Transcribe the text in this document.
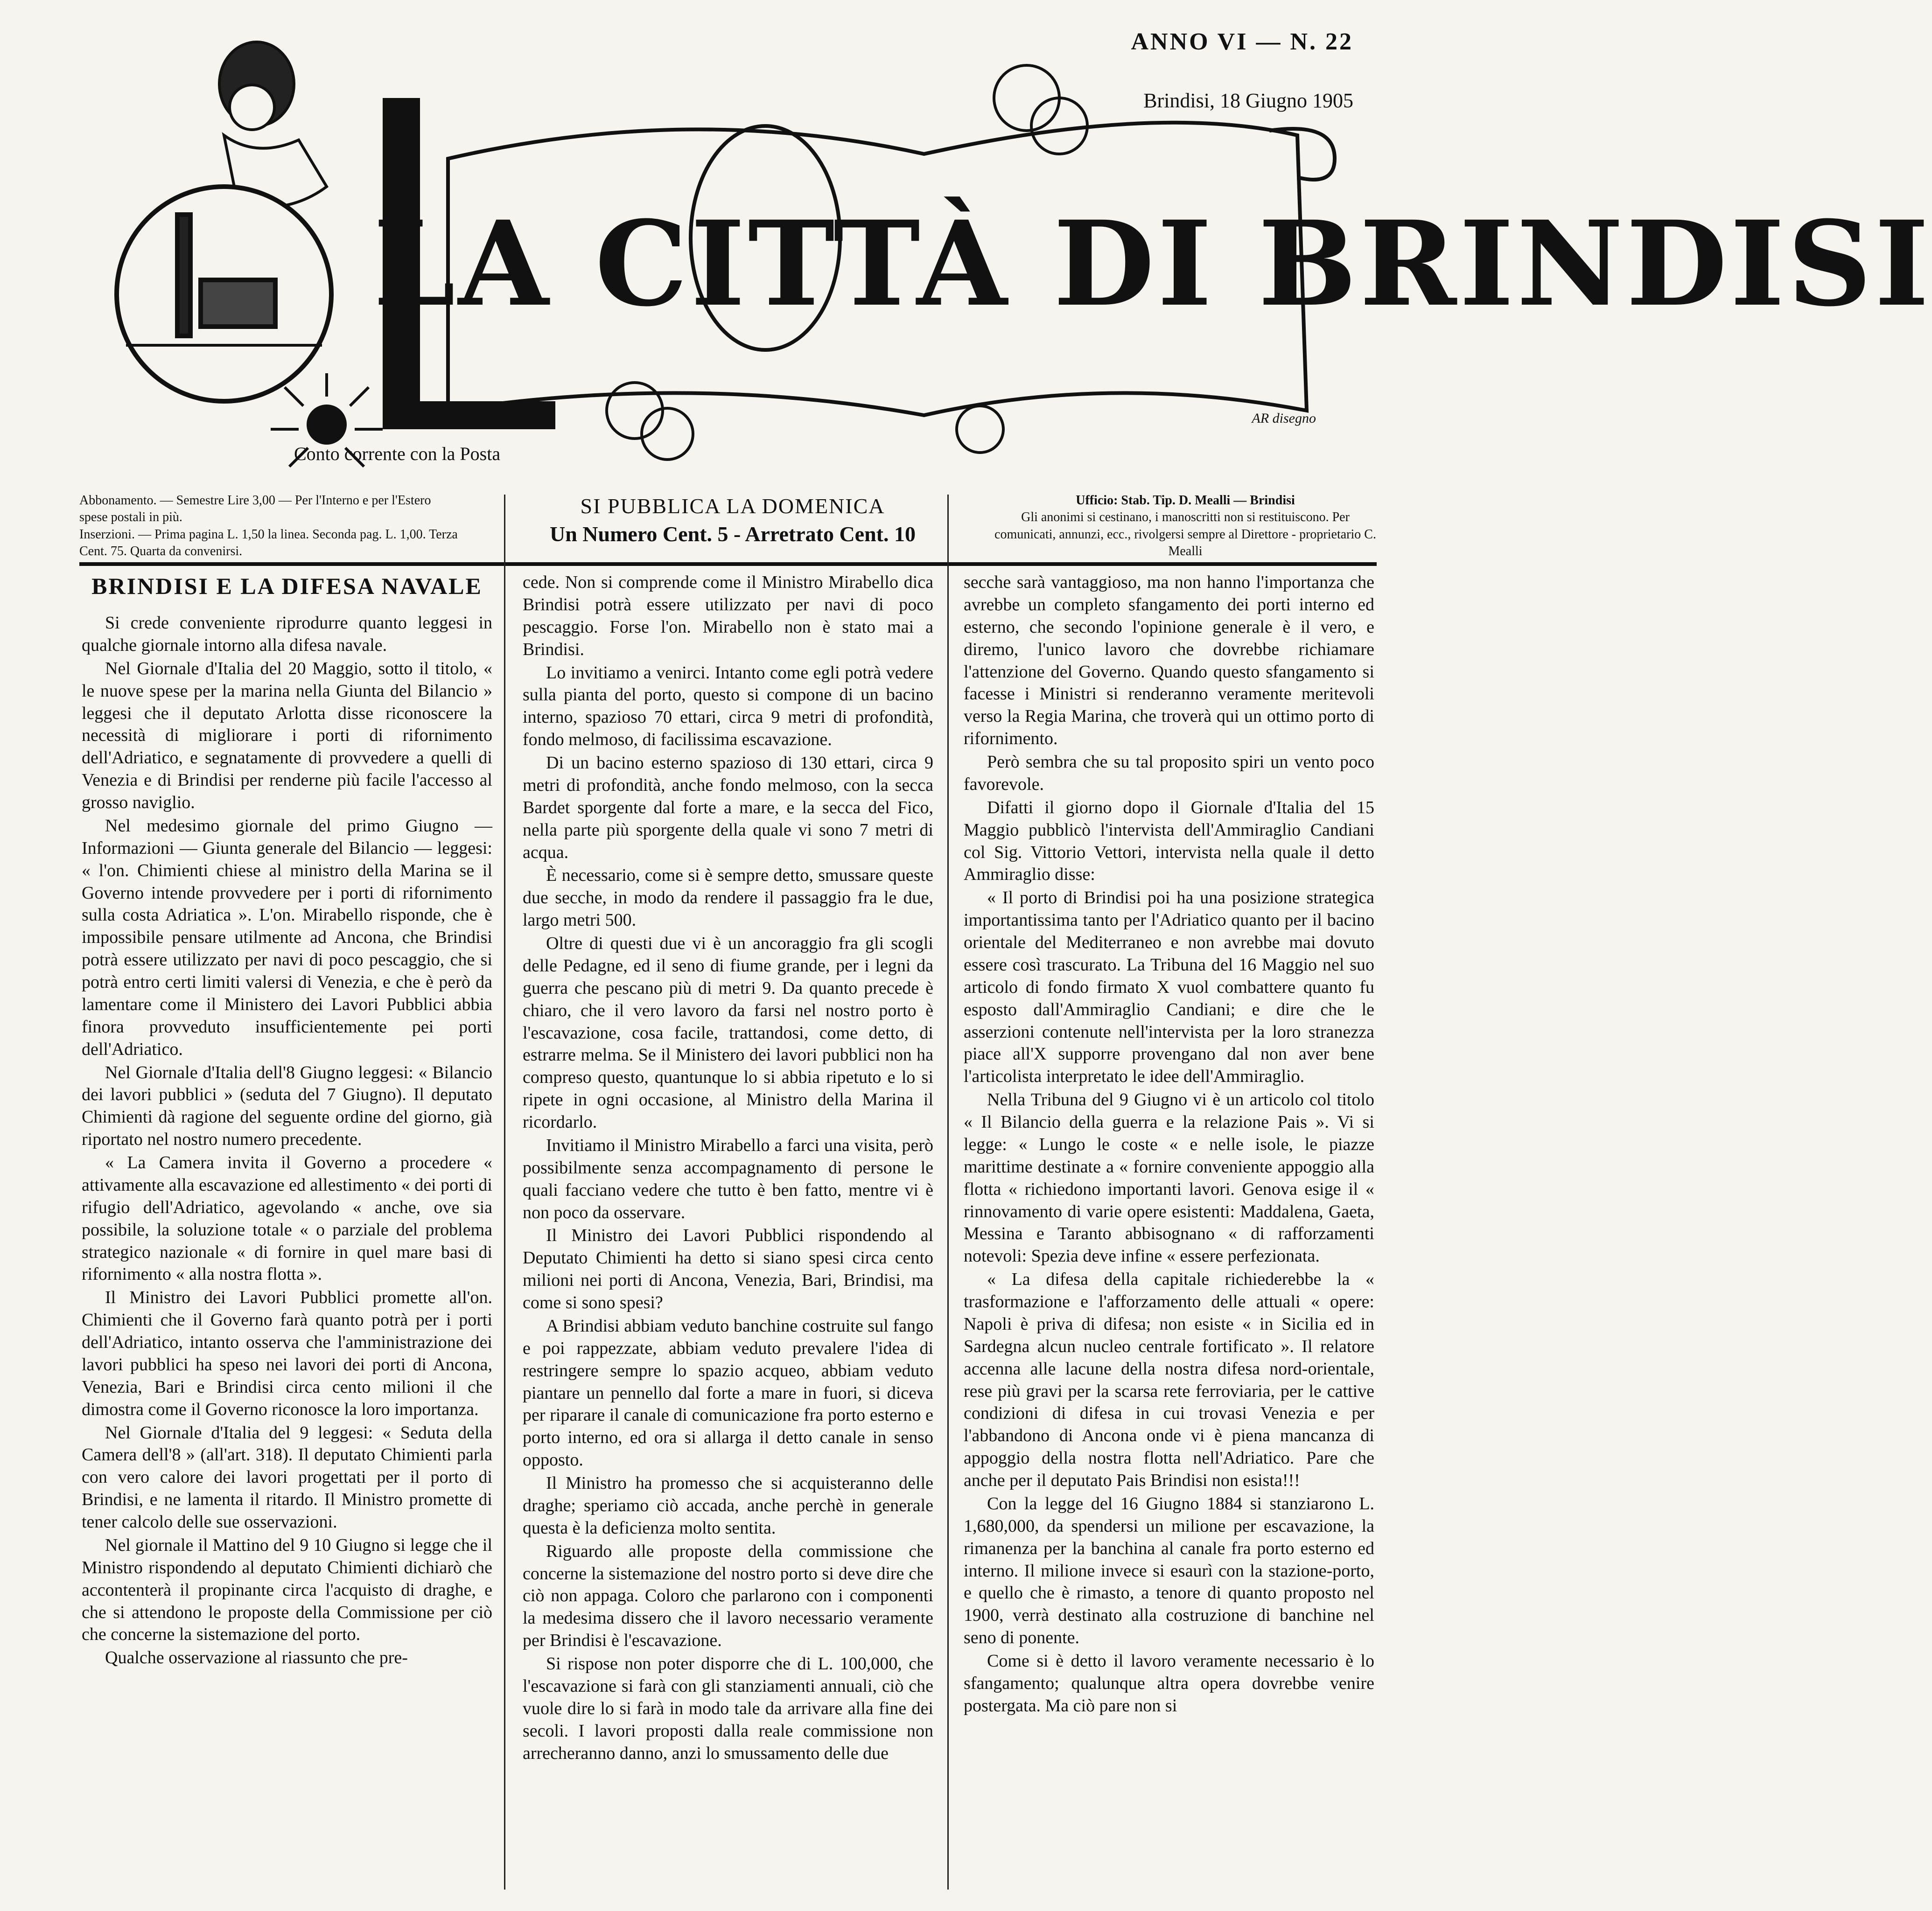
ANNO VI — N. 22
Brindisi, 18 Giugno 1905
LA CITTÀ DI BRINDISI
AR disegno
Conto corrente con la Posta
Abbonamento. — Semestre Lire 3,00 — Per l'Interno e per l'Estero spese postali in più.
Inserzioni. — Prima pagina L. 1,50 la linea. Seconda pag. L. 1,00. Terza Cent. 75. Quarta da convenirsi.
SI PUBBLICA LA DOMENICA
Un Numero Cent. 5 - Arretrato Cent. 10
Ufficio: Stab. Tip. D. Mealli — Brindisi
Gli anonimi si cestinano, i manoscritti non si restituiscono. Per comunicati, annunzi, ecc., rivolgersi sempre al Direttore - proprietario C. Mealli
BRINDISI E LA DIFESA NAVALE

Si crede conveniente riprodurre quanto leggesi in qualche giornale intorno alla difesa navale.

Nel Giornale d'Italia del 20 Maggio, sotto il titolo, « le nuove spese per la marina nella Giunta del Bilancio » leggesi che il deputato Arlotta disse riconoscere la necessità di migliorare i porti di rifornimento dell'Adriatico, e segnatamente di provvedere a quelli di Venezia e di Brindisi per renderne più facile l'accesso al grosso naviglio.

Nel medesimo giornale del primo Giugno — Informazioni — Giunta generale del Bilancio — leggesi: « l'on. Chimienti chiese al ministro della Marina se il Governo intende provvedere per i porti di rifornimento sulla costa Adriatica ». L'on. Mirabello risponde, che è impossibile pensare utilmente ad Ancona, che Brindisi potrà essere utilizzato per navi di poco pescaggio, che si potrà entro certi limiti valersi di Venezia, e che è però da lamentare come il Ministero dei Lavori Pubblici abbia finora provveduto insufficientemente pei porti dell'Adriatico.

Nel Giornale d'Italia dell'8 Giugno leggesi: « Bilancio dei lavori pubblici » (seduta del 7 Giugno). Il deputato Chimienti dà ragione del seguente ordine del giorno, già riportato nel nostro numero precedente.

« La Camera invita il Governo a procedere « attivamente alla escavazione ed allestimento « dei porti di rifugio dell'Adriatico, agevolando « anche, ove sia possibile, la soluzione totale « o parziale del problema strategico nazionale « di fornire in quel mare basi di rifornimento « alla nostra flotta ».

Il Ministro dei Lavori Pubblici promette all'on. Chimienti che il Governo farà quanto potrà per i porti dell'Adriatico, intanto osserva che l'amministrazione dei lavori pubblici ha speso nei lavori dei porti di Ancona, Venezia, Bari e Brindisi circa cento milioni il che dimostra come il Governo riconosce la loro importanza.

Nel Giornale d'Italia del 9 leggesi: « Seduta della Camera dell'8 » (all'art. 318). Il deputato Chimienti parla con vero calore dei lavori progettati per il porto di Brindisi, e ne lamenta il ritardo. Il Ministro promette di tener calcolo delle sue osservazioni.

Nel giornale il Mattino del 9 10 Giugno si legge che il Ministro rispondendo al deputato Chimienti dichiarò che accontenterà il propinante circa l'acquisto di draghe, e che si attendono le proposte della Commissione per ciò che concerne la sistemazione del porto.

Qualche osservazione al riassunto che pre-

cede. Non si comprende come il Ministro Mirabello dica Brindisi potrà essere utilizzato per navi di poco pescaggio. Forse l'on. Mirabello non è stato mai a Brindisi.

Lo invitiamo a venirci. Intanto come egli potrà vedere sulla pianta del porto, questo si compone di un bacino interno, spazioso 70 ettari, circa 9 metri di profondità, fondo melmoso, di facilissima escavazione.

Di un bacino esterno spazioso di 130 ettari, circa 9 metri di profondità, anche fondo melmoso, con la secca Bardet sporgente dal forte a mare, e la secca del Fico, nella parte più sporgente della quale vi sono 7 metri di acqua.

È necessario, come si è sempre detto, smussare queste due secche, in modo da rendere il passaggio fra le due, largo metri 500.

Oltre di questi due vi è un ancoraggio fra gli scogli delle Pedagne, ed il seno di fiume grande, per i legni da guerra che pescano più di metri 9. Da quanto precede è chiaro, che il vero lavoro da farsi nel nostro porto è l'escavazione, cosa facile, trattandosi, come detto, di estrarre melma. Se il Ministero dei lavori pubblici non ha compreso questo, quantunque lo si abbia ripetuto e lo si ripete in ogni occasione, al Ministro della Marina il ricordarlo.

Invitiamo il Ministro Mirabello a farci una visita, però possibilmente senza accompagnamento di persone le quali facciano vedere che tutto è ben fatto, mentre vi è non poco da osservare.

Il Ministro dei Lavori Pubblici rispondendo al Deputato Chimienti ha detto si siano spesi circa cento milioni nei porti di Ancona, Venezia, Bari, Brindisi, ma come si sono spesi?

A Brindisi abbiam veduto banchine costruite sul fango e poi rappezzate, abbiam veduto prevalere l'idea di restringere sempre lo spazio acqueo, abbiam veduto piantare un pennello dal forte a mare in fuori, si diceva per riparare il canale di comunicazione fra porto esterno e porto interno, ed ora si allarga il detto canale in senso opposto.

Il Ministro ha promesso che si acquisteranno delle draghe; speriamo ciò accada, anche perchè in generale questa è la deficienza molto sentita.

Riguardo alle proposte della commissione che concerne la sistemazione del nostro porto si deve dire che ciò non appaga. Coloro che parlarono con i componenti la medesima dissero che il lavoro necessario veramente per Brindisi è l'escavazione.

Si rispose non poter disporre che di L. 100,000, che l'escavazione si farà con gli stanziamenti annuali, ciò che vuole dire lo si farà in modo tale da arrivare alla fine dei secoli. I lavori proposti dalla reale commissione non arrecheranno danno, anzi lo smussamento delle due

secche sarà vantaggioso, ma non hanno l'importanza che avrebbe un completo sfangamento dei porti interno ed esterno, che secondo l'opinione generale è il vero, e diremo, l'unico lavoro che dovrebbe richiamare l'attenzione del Governo. Quando questo sfangamento si facesse i Ministri si renderanno veramente meritevoli verso la Regia Marina, che troverà qui un ottimo porto di rifornimento.

Però sembra che su tal proposito spiri un vento poco favorevole.

Difatti il giorno dopo il Giornale d'Italia del 15 Maggio pubblicò l'intervista dell'Ammiraglio Candiani col Sig. Vittorio Vettori, intervista nella quale il detto Ammiraglio disse:

« Il porto di Brindisi poi ha una posizione strategica importantissima tanto per l'Adriatico quanto per il bacino orientale del Mediterraneo e non avrebbe mai dovuto essere così trascurato. La Tribuna del 16 Maggio nel suo articolo di fondo firmato X vuol combattere quanto fu esposto dall'Ammiraglio Candiani; e dire che le asserzioni contenute nell'intervista per la loro stranezza piace all'X supporre provengano dal non aver bene l'articolista interpretato le idee dell'Ammiraglio.

Nella Tribuna del 9 Giugno vi è un articolo col titolo « Il Bilancio della guerra e la relazione Pais ». Vi si legge: « Lungo le coste « e nelle isole, le piazze marittime destinate a « fornire conveniente appoggio alla flotta « richiedono importanti lavori. Genova esige il « rinnovamento di varie opere esistenti: Maddalena, Gaeta, Messina e Taranto abbisognano « di rafforzamenti notevoli: Spezia deve infine « essere perfezionata.

« La difesa della capitale richiederebbe la « trasformazione e l'afforzamento delle attuali « opere: Napoli è priva di difesa; non esiste « in Sicilia ed in Sardegna alcun nucleo centrale fortificato ». Il relatore accenna alle lacune della nostra difesa nord-orientale, rese più gravi per la scarsa rete ferroviaria, per le cattive condizioni di difesa in cui trovasi Venezia e per l'abbandono di Ancona onde vi è piena mancanza di appoggio della nostra flotta nell'Adriatico. Pare che anche per il deputato Pais Brindisi non esista!!!

Con la legge del 16 Giugno 1884 si stanziarono L. 1,680,000, da spendersi un milione per escavazione, la rimanenza per la banchina al canale fra porto esterno ed interno. Il milione invece si esaurì con la stazione-porto, e quello che è rimasto, a tenore di quanto proposto nel 1900, verrà destinato alla costruzione di banchine nel seno di ponente.

Come si è detto il lavoro veramente necessario è lo sfangamento; qualunque altra opera dovrebbe venire postergata. Ma ciò pare non si
